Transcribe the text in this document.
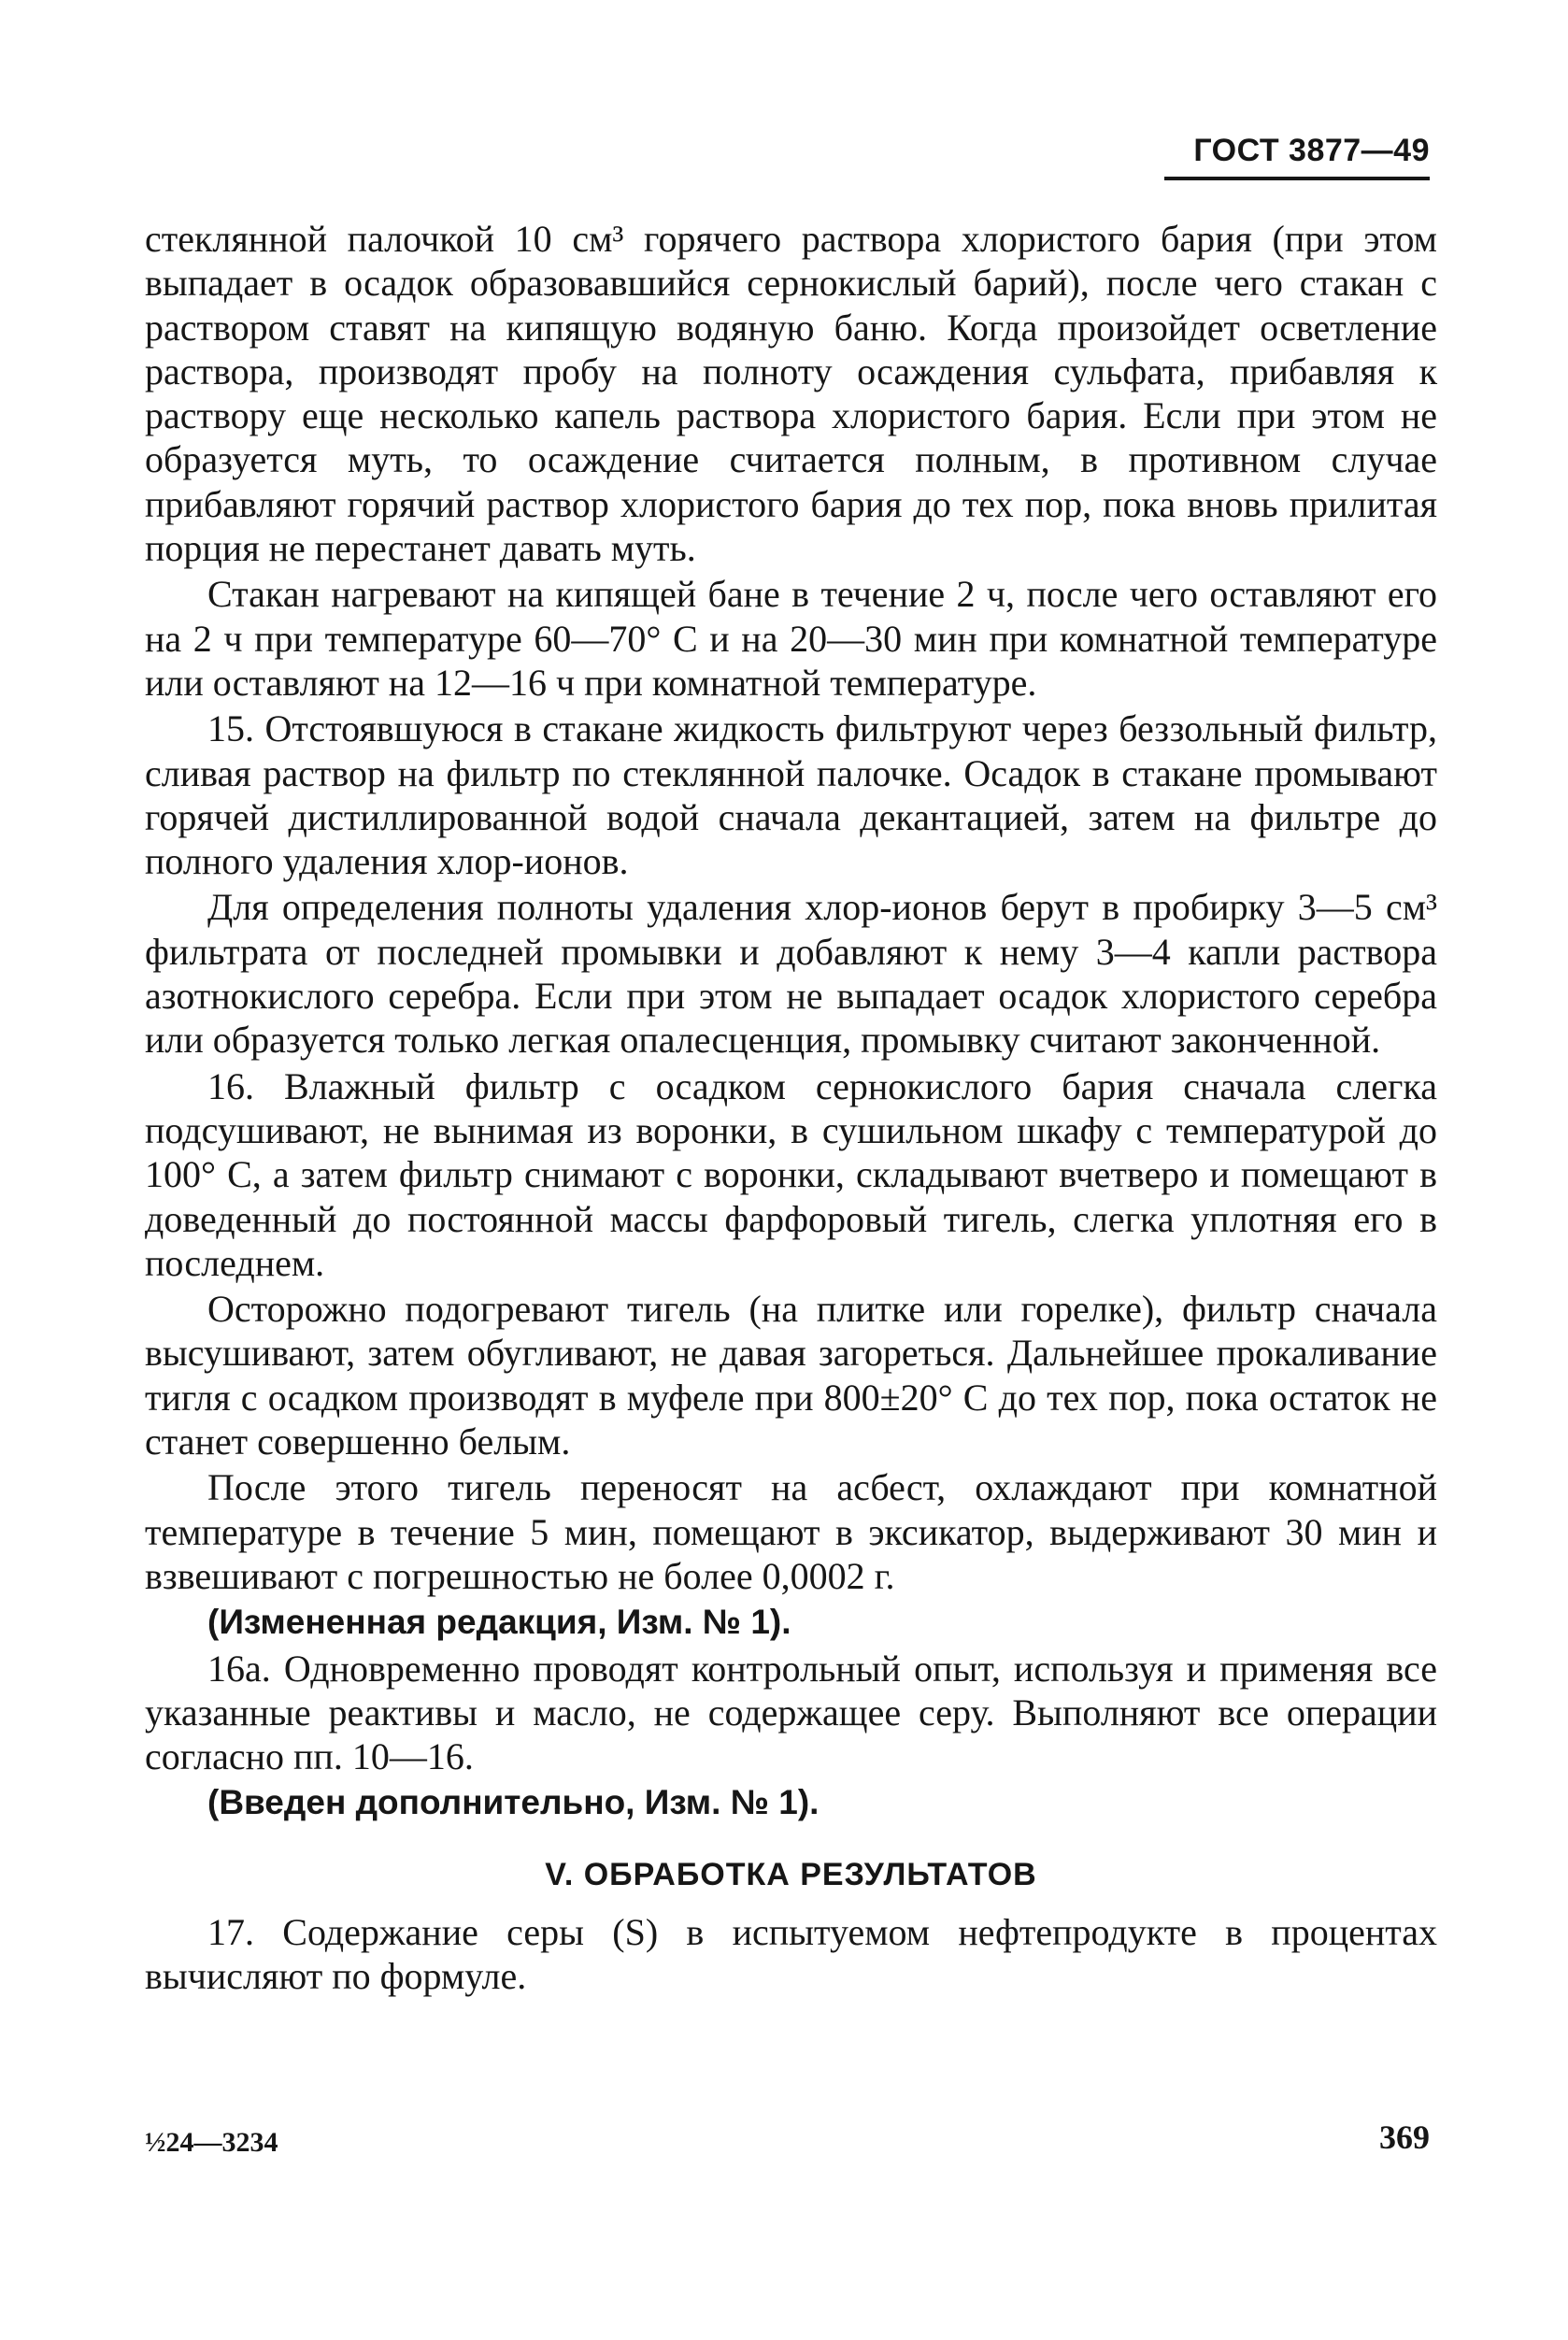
ГОСТ 3877—49

стеклянной палочкой 10 см³ горячего раствора хлористого бария (при этом выпадает в осадок образовавшийся сернокислый барий), после чего стакан с раствором ставят на кипящую водяную баню. Когда произойдет осветление раствора, производят пробу на полноту осаждения сульфата, прибавляя к раствору еще несколько капель раствора хлористого бария. Если при этом не образуется муть, то осаждение считается полным, в противном случае прибавляют горячий раствор хлористого бария до тех пор, пока вновь прилитая порция не перестанет давать муть.

Стакан нагревают на кипящей бане в течение 2 ч, после чего оставляют его на 2 ч при температуре 60—70° С и на 20—30 мин при комнатной температуре или оставляют на 12—16 ч при комнатной температуре.

15. Отстоявшуюся в стакане жидкость фильтруют через беззольный фильтр, сливая раствор на фильтр по стеклянной палочке. Осадок в стакане промывают горячей дистиллированной водой сначала декантацией, затем на фильтре до полного удаления хлор-ионов.

Для определения полноты удаления хлор-ионов берут в пробирку 3—5 см³ фильтрата от последней промывки и добавляют к нему 3—4 капли раствора азотнокислого серебра. Если при этом не выпадает осадок хлористого серебра или образуется только легкая опалесценция, промывку считают законченной.

16. Влажный фильтр с осадком сернокислого бария сначала слегка подсушивают, не вынимая из воронки, в сушильном шкафу с температурой до 100° С, а затем фильтр снимают с воронки, складывают вчетверо и помещают в доведенный до постоянной массы фарфоровый тигель, слегка уплотняя его в последнем.

Осторожно подогревают тигель (на плитке или горелке), фильтр сначала высушивают, затем обугливают, не давая загореться. Дальнейшее прокаливание тигля с осадком производят в муфеле при 800±20° С до тех пор, пока остаток не станет совершенно белым.

После этого тигель переносят на асбест, охлаждают при комнатной температуре в течение 5 мин, помещают в эксикатор, выдерживают 30 мин и взвешивают с погрешностью не более 0,0002 г.

(Измененная редакция, Изм. № 1).

16а. Одновременно проводят контрольный опыт, используя и применяя все указанные реактивы и масло, не содержащее серу. Выполняют все операции согласно пп. 10—16.

(Введен дополнительно, Изм. № 1).

V. ОБРАБОТКА РЕЗУЛЬТАТОВ

17. Содержание серы (S) в испытуемом нефтепродукте в процентах вычисляют по формуле.

½24—3234	369
